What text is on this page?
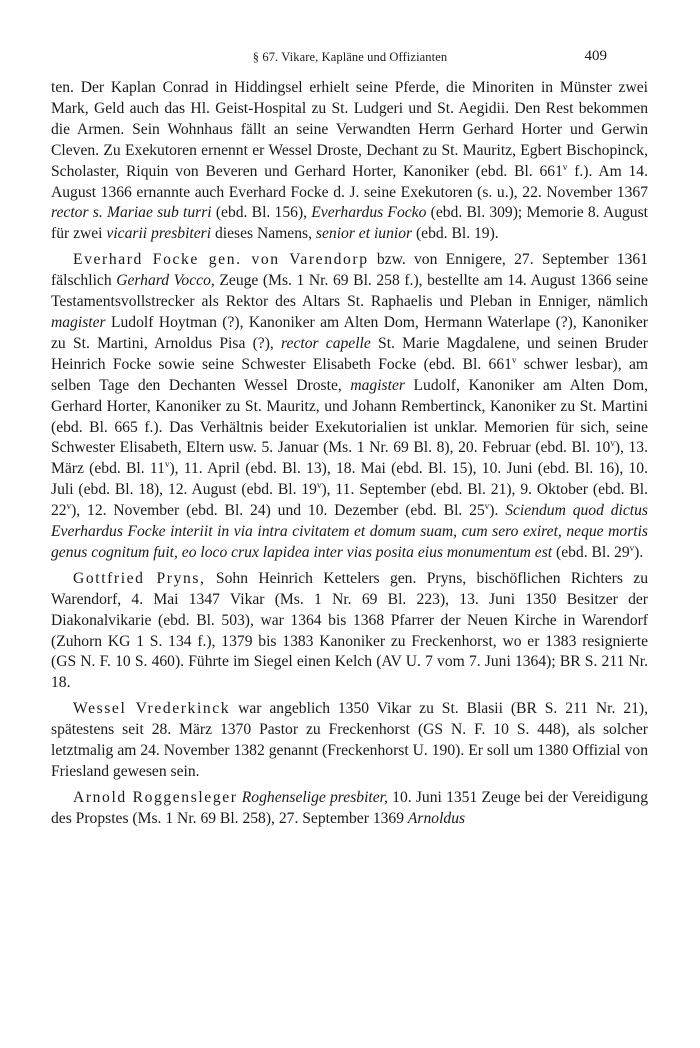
§ 67. Vikare, Kapläne und Offizianten	409

ten. Der Kaplan Conrad in Hiddingsel erhielt seine Pferde, die Minoriten in Münster zwei Mark, Geld auch das Hl. Geist-Hospital zu St. Ludgeri und St. Aegidii. Den Rest bekommen die Armen. Sein Wohnhaus fällt an seine Verwandten Herrn Gerhard Horter und Gerwin Cleven. Zu Exekutoren ernennt er Wessel Droste, Dechant zu St. Mauritz, Egbert Bischopinck, Scholaster, Riquin von Beveren und Gerhard Horter, Kanoniker (ebd. Bl. 661$^v$ f.). Am 14. August 1366 ernannte auch Everhard Focke d. J. seine Exekutoren (s. u.), 22. November 1367 rector s. Mariae sub turri (ebd. Bl. 156), Everhardus Focko (ebd. Bl. 309); Memorie 8. August für zwei vicarii presbiteri dieses Namens, senior et iunior (ebd. Bl. 19).

Everhard Focke gen. von Varendorp bzw. von Ennigere, 27. September 1361 fälschlich Gerhard Vocco, Zeuge (Ms. 1 Nr. 69 Bl. 258 f.), bestellte am 14. August 1366 seine Testamentsvollstrecker als Rektor des Altars St. Raphaelis und Pleban in Enniger, nämlich magister Ludolf Hoytman (?), Kanoniker am Alten Dom, Hermann Waterlape (?), Kanoniker zu St. Martini, Arnoldus Pisa (?), rector capelle St. Marie Magdalene, und seinen Bruder Heinrich Focke sowie seine Schwester Elisabeth Focke (ebd. Bl. 661$^v$ schwer lesbar), am selben Tage den Dechanten Wessel Droste, magister Ludolf, Kanoniker am Alten Dom, Gerhard Horter, Kanoniker zu St. Mauritz, und Johann Rembertinck, Kanoniker zu St. Martini (ebd. Bl. 665 f.). Das Verhältnis beider Exekutorialien ist unklar. Memorien für sich, seine Schwester Elisabeth, Eltern usw. 5. Januar (Ms. 1 Nr. 69 Bl. 8), 20. Februar (ebd. Bl. 10$^v$), 13. März (ebd. Bl. 11$^v$), 11. April (ebd. Bl. 13), 18. Mai (ebd. Bl. 15), 10. Juni (ebd. Bl. 16), 10. Juli (ebd. Bl. 18), 12. August (ebd. Bl. 19$^v$), 11. September (ebd. Bl. 21), 9. Oktober (ebd. Bl. 22$^v$), 12. November (ebd. Bl. 24) und 10. Dezember (ebd. Bl. 25$^v$). Sciendum quod dictus Everhardus Focke interiit in via intra civitatem et domum suam, cum sero exiret, neque mortis genus cognitum fuit, eo loco crux lapidea inter vias posita eius monumentum est (ebd. Bl. 29$^v$).

Gottfried Pryns, Sohn Heinrich Kettelers gen. Pryns, bischöflichen Richters zu Warendorf, 4. Mai 1347 Vikar (Ms. 1 Nr. 69 Bl. 223), 13. Juni 1350 Besitzer der Diakonalvikarie (ebd. Bl. 503), war 1364 bis 1368 Pfarrer der Neuen Kirche in Warendorf (Zuhorn KG 1 S. 134 f.), 1379 bis 1383 Kanoniker zu Freckenhorst, wo er 1383 resignierte (GS N. F. 10 S. 460). Führte im Siegel einen Kelch (AV U. 7 vom 7. Juni 1364); BR S. 211 Nr. 18.

Wessel Vrederkinck war angeblich 1350 Vikar zu St. Blasii (BR S. 211 Nr. 21), spätestens seit 28. März 1370 Pastor zu Freckenhorst (GS N. F. 10 S. 448), als solcher letztmalig am 24. November 1382 genannt (Freckenhorst U. 190). Er soll um 1380 Offizial von Friesland gewesen sein.

Arnold Roggensleger Roghenselige presbiter, 10. Juni 1351 Zeuge bei der Vereidigung des Propstes (Ms. 1 Nr. 69 Bl. 258), 27. September 1369 Arnoldus
